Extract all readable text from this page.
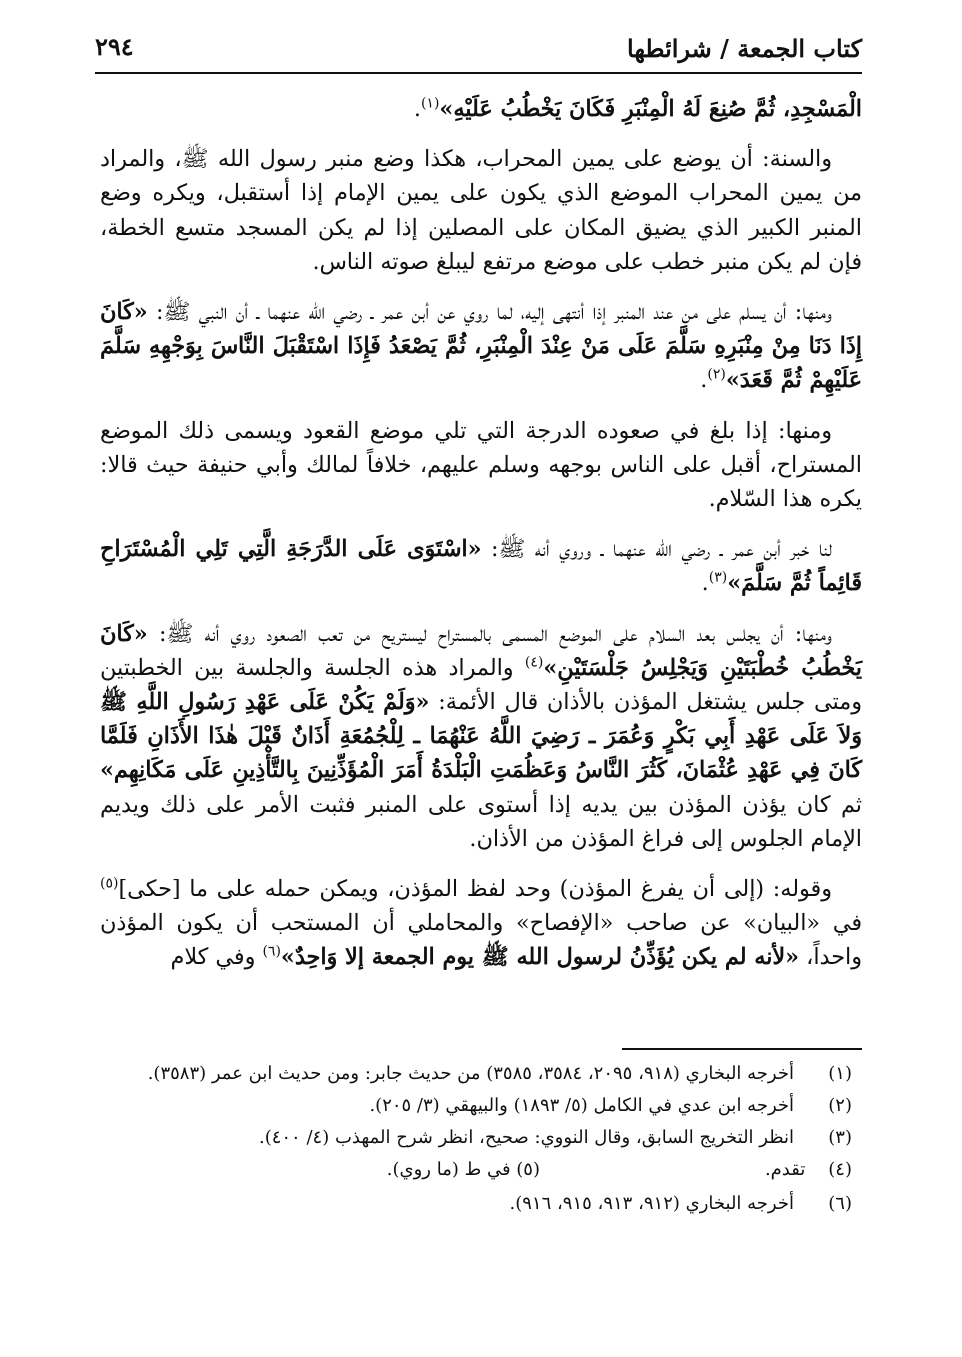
كتاب الجمعة / شرائطها
٢٩٤

الْمَسْجِدِ، ثُمَّ صُنِعَ لَهُ الْمِنْبَرِ فَكَانَ يَخْطُبُ عَلَيْهِ»$^{(١)}$.

والسنة: أن يوضع على يمين المحراب، هكذا وضع منبر رسول الله ﷺ، والمراد من يمين المحراب الموضع الذي يكون على يمين الإمام إذا أستقبل، ويكره وضع المنبر الكبير الذي يضيق المكان على المصلين إذا لم يكن المسجد متسع الخطة، فإن لم يكن منبر خطب على موضع مرتفع ليبلغ صوته الناس.

ومنها: أن يسلم على من عند المنبر إذا أنتهى إليه، لما روي عن أبن عمر ـ رضي الله عنهما ـ أن النبي ﷺ: «كَانَ إِذَا دَنَا مِنْ مِنْبَرِهِ سَلَّمَ عَلَى مَنْ عِنْدَ الْمِنْبَرِ، ثُمَّ يَصْعَدُ فَإِذَا اسْتَقْبَلَ النَّاسَ بِوَجْهِهِ سَلَّمَ عَلَيْهِمْ ثُمَّ قَعَدَ»$^{(٢)}$.

ومنها: إذا بلغ في صعوده الدرجة التي تلي موضع القعود ويسمى ذلك الموضع المستراح، أقبل على الناس بوجهه وسلم عليهم، خلافاً لمالك وأبي حنيفة حيث قالا: يكره هذا السّلام.

لنا خبر أبن عمر ـ رضي الله عنهما ـ وروي أنه ﷺ: «اسْتَوَى عَلَى الدَّرَجَةِ الَّتِي تَلِي الْمُسْتَرَاحِ قَائِماً ثُمَّ سَلَّمَ»$^{(٣)}$.

ومنها: أن يجلس بعد السلام على الموضع المسمى بالمستراح ليستريح من تعب الصعود روي أنه ﷺ: «كَانَ يَخْطُبُ خُطْبَتَيْنِ وَيَجْلِسُ جَلْسَتَيْنِ»$^{(٤)}$ والمراد هذه الجلسة والجلسة بين الخطبتين ومتى جلس يشتغل المؤذن بالأذان قال الأئمة: «وَلَمْ يَكُنْ عَلَى عَهْدِ رَسُولِ اللَّهِ ﷺ وَلاَ عَلَى عَهْدِ أَبِي بَكْرٍ وَعُمَرَ ـ رَضِيَ اللَّهُ عَنْهُمَا ـ لِلْجُمُعَةِ أَذَانٌ قَبْلَ هٰذَا الأَذَانِ فَلَمَّا كَانَ فِي عَهْدِ عُثْمَانَ، كَثُرَ النَّاسُ وَعَظُمَتِ الْبَلْدَةُ أَمَرَ الْمُؤَذِّنِينَ بِالتَّأْذِينِ عَلَى مَكَانِهِم» ثم كان يؤذن المؤذن بين يديه إذا أستوى على المنبر فثبت الأمر على ذلك ويديم الإمام الجلوس إلى فراغ المؤذن من الأذان.

وقوله: (إلى أن يفرغ المؤذن) وحد لفظ المؤذن، ويمكن حمله على ما [حكى]$^{(٥)}$ في «البيان» عن صاحب «الإفصاح» والمحاملي أن المستحب أن يكون المؤذن واحداً، «لأنه لم يكن يُؤَذِّنُ لرسول الله ﷺ يوم الجمعة إلا وَاحِدٌ»$^{(٦)}$ وفي كلام

(١)
أخرجه البخاري (٩١٨، ٢٠٩٥، ٣٥٨٤، ٣٥٨٥) من حديث جابر: ومن حديث ابن عمر (٣٥٨٣).
(٢)
أخرجه ابن عدي في الكامل (٥/ ١٨٩٣) والبيهقي (٣/ ٢٠٥).
(٣)
انظر التخريج السابق، وقال النووي: صحيح، انظر شرح المهذب (٤/ ٤٠٠).
(٤)    تقدم.
(٥) في ط (ما روي).
(٦)
أخرجه البخاري (٩١٢، ٩١٣، ٩١٥، ٩١٦).
